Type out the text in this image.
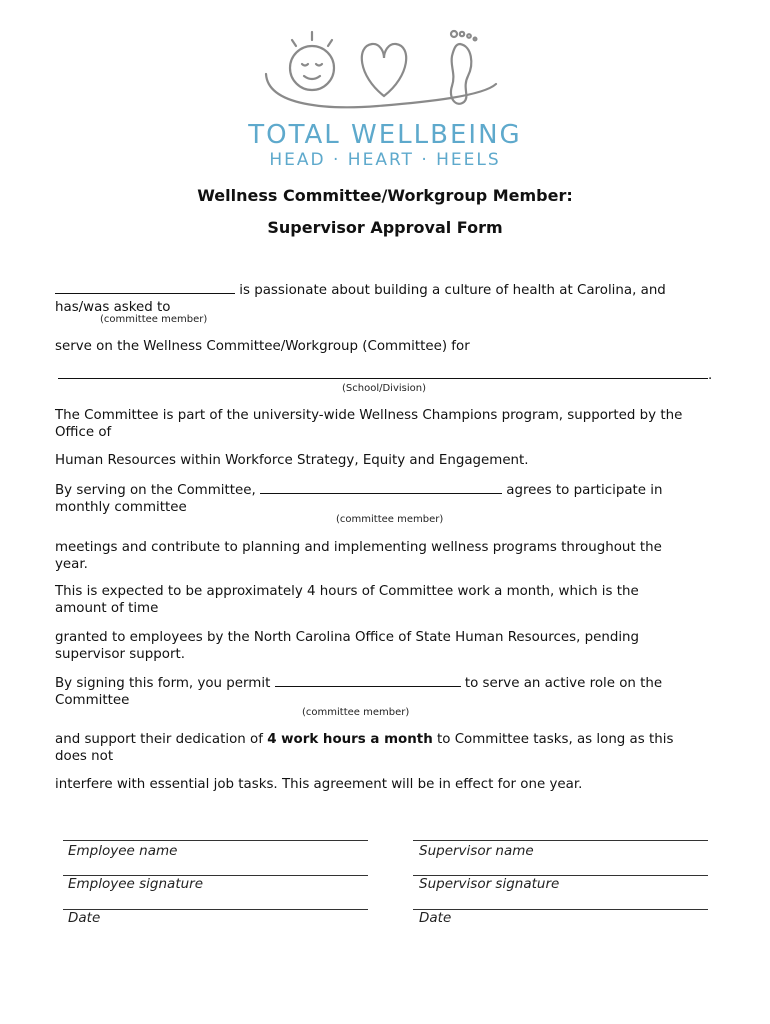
TOTAL WELLBEING
HEAD · HEART · HEELS
Wellness Committee/Workgroup Member:
Supervisor Approval Form
is passionate about building a culture of health at Carolina, and
has/was asked to
(committee member)
serve on the Wellness Committee/Workgroup (Committee) for
.
(School/Division)
The Committee is part of the university-wide Wellness Champions program, supported by the
Office of
Human Resources within Workforce Strategy, Equity and Engagement.
By serving on the Committee,	agrees to participate in
monthly committee
(committee member)
meetings and contribute to planning and implementing wellness programs throughout the
year.
This is expected to be approximately 4 hours of Committee work a month, which is the
amount of time
granted to employees by the North Carolina Office of State Human Resources, pending
supervisor support.
By signing this form, you permit	to serve an active role on the
Committee
(committee member)
and support their dedication of 4 work hours a month to Committee tasks, as long as this
does not
interfere with essential job tasks. This agreement will be in effect for one year.
Employee name
Employee signature
Date
Supervisor name
Supervisor signature
Date
